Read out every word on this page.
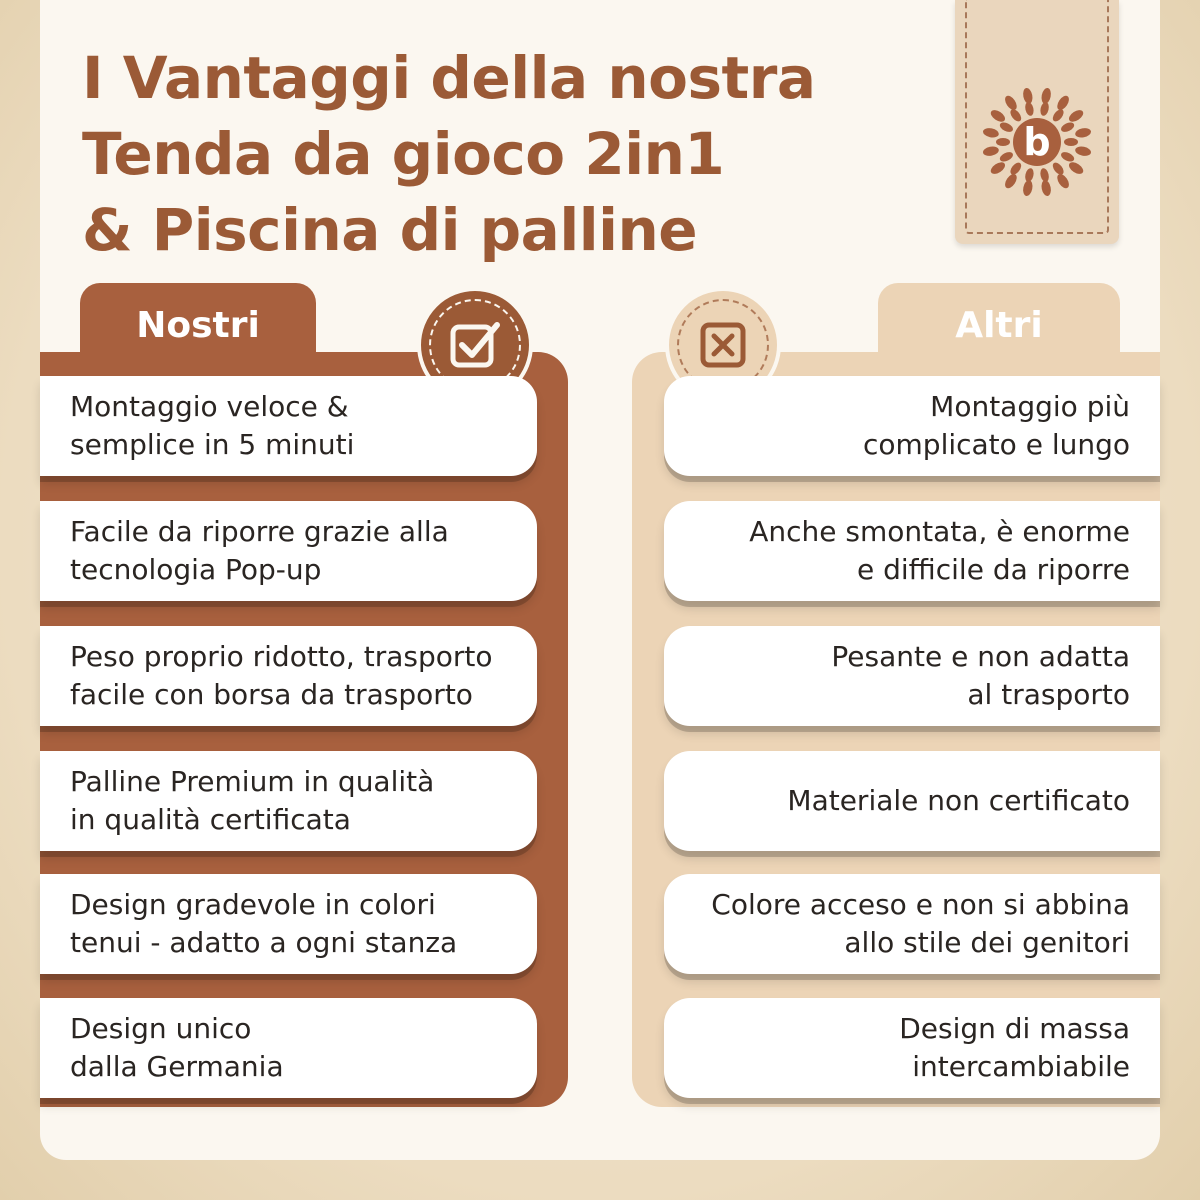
I Vantaggi della nostra
Tenda da gioco 2in1
& Piscina di palline
b
Nostri	Altri
Montaggio veloce &
semplice in 5 minuti
Facile da riporre grazie alla
tecnologia Pop-up
Peso proprio ridotto, trasporto
facile con borsa da trasporto
Palline Premium in qualità
in qualità certificata
Design gradevole in colori
tenui - adatto a ogni stanza
Design unico
dalla Germania
Montaggio più
complicato e lungo
Anche smontata, è enorme
e difficile da riporre
Pesante e non adatta
al trasporto
Materiale non certificato
Colore acceso e non si abbina
allo stile dei genitori
Design di massa
intercambiabile
